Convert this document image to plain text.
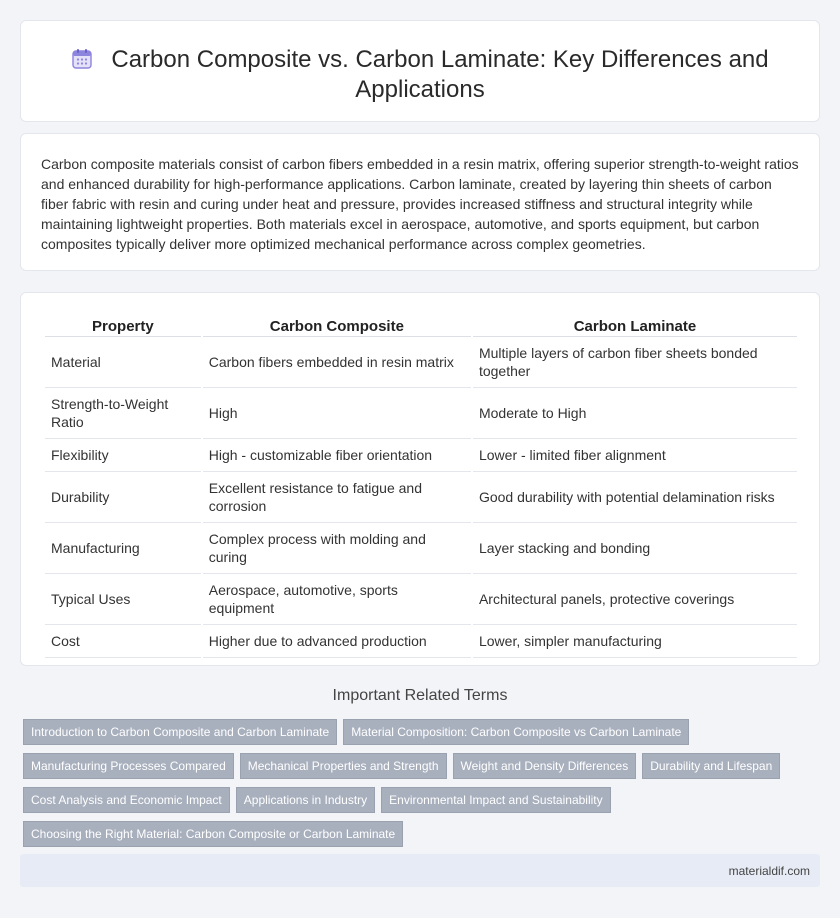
Carbon Composite vs. Carbon Laminate: Key Differences and Applications

Carbon composite materials consist of carbon fibers embedded in a resin matrix, offering superior strength-to-weight ratios and enhanced durability for high-performance applications. Carbon laminate, created by layering thin sheets of carbon fiber fabric with resin and curing under heat and pressure, provides increased stiffness and structural integrity while maintaining lightweight properties. Both materials excel in aerospace, automotive, and sports equipment, but carbon composites typically deliver more optimized mechanical performance across complex geometries.

Property	Carbon Composite	Carbon Laminate
Material	Carbon fibers embedded in resin matrix	Multiple layers of carbon fiber sheets bonded together
Strength-to-Weight Ratio	High	Moderate to High
Flexibility	High - customizable fiber orientation	Lower - limited fiber alignment
Durability	Excellent resistance to fatigue and corrosion	Good durability with potential delamination risks
Manufacturing	Complex process with molding and curing	Layer stacking and bonding
Typical Uses	Aerospace, automotive, sports equipment	Architectural panels, protective coverings
Cost	Higher due to advanced production	Lower, simpler manufacturing
Important Related Terms
Introduction to Carbon Composite and Carbon Laminate Material Composition: Carbon Composite vs Carbon Laminate
Manufacturing Processes Compared Mechanical Properties and Strength Weight and Density Differences Durability and Lifespan
Cost Analysis and Economic Impact Applications in Industry Environmental Impact and Sustainability
Choosing the Right Material: Carbon Composite or Carbon Laminate
materialdif.com
